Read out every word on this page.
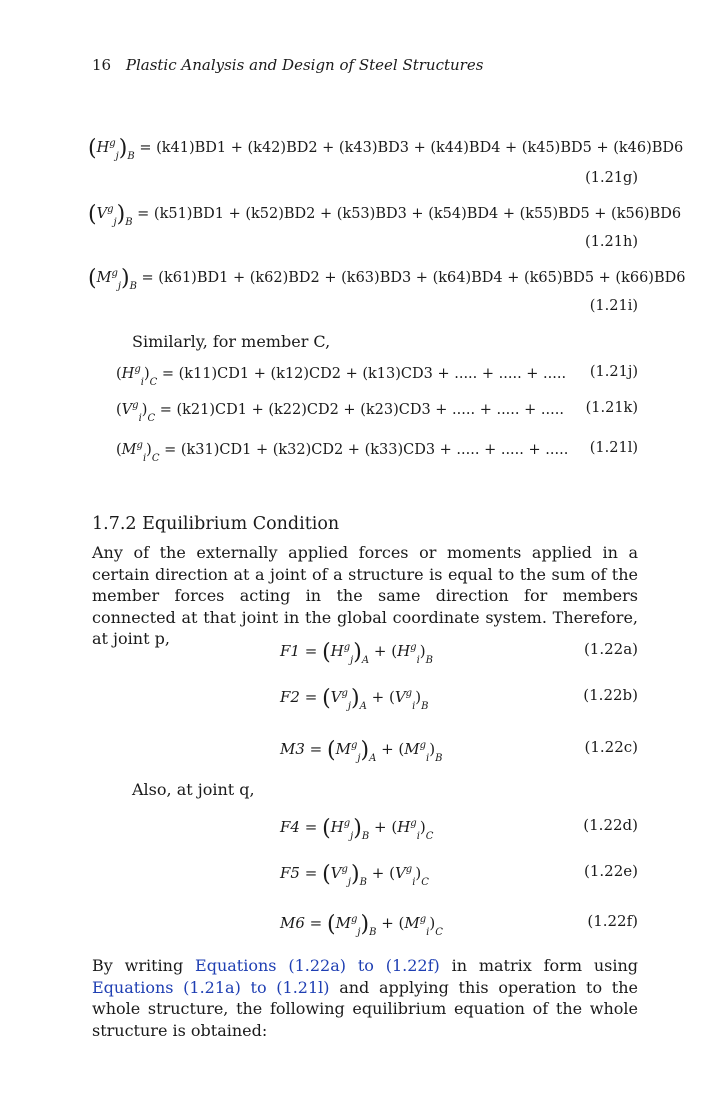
16 Plastic Analysis and Design of Steel Structures
$(H^g_j)_B = (k41)BD1 + (k42)BD2 + (k43)BD3 + (k44)BD4 + (k45)BD5 + (k46)BD6$
(1.21g)
$(V^g_j)_B = (k51)BD1 + (k52)BD2 + (k53)BD3 + (k54)BD4 + (k55)BD5 + (k56)BD6$
(1.21h)
$(M^g_j)_B = (k61)BD1 + (k62)BD2 + (k63)BD3 + (k64)BD4 + (k65)BD5 + (k66)BD6$
(1.21i)
Similarly, for member C,
$(H^g_i)_C = (k11)CD1 + (k12)CD2 + (k13)CD3$ + ..... + ..... + ..... (1.21j)
$(V^g_i)_C = (k21)CD1 + (k22)CD2 + (k23)CD3$ + ..... + ..... + ..... (1.21k)
$(M^g_i)_C = (k31)CD1 + (k32)CD2 + (k33)CD3$ + ..... + ..... + ..... (1.21l)
1.7.2 Equilibrium Condition
Any of the externally applied forces or moments applied in a certain direction at a joint of a structure is equal to the sum of the member forces acting in the same direction for members connected at that joint in the global coordinate system. Therefore, at joint p,
$F1 = (H^g_j)_A + (H^g_i)_B$
(1.22a)
$F2 = (V^g_j)_A + (V^g_i)_B$
(1.22b)
$M3 = (M^g_j)_A + (M^g_i)_B$
(1.22c)
Also, at joint q,
$F4 = (H^g_j)_B + (H^g_i)_C$
(1.22d)
$F5 = (V^g_j)_B + (V^g_i)_C$
(1.22e)
$M6 = (M^g_j)_B + (M^g_i)_C$
(1.22f)
By writing Equations (1.22a) to (1.22f) in matrix form using Equations (1.21a) to (1.21l) and applying this operation to the whole structure, the following equilibrium equation of the whole structure is obtained:
